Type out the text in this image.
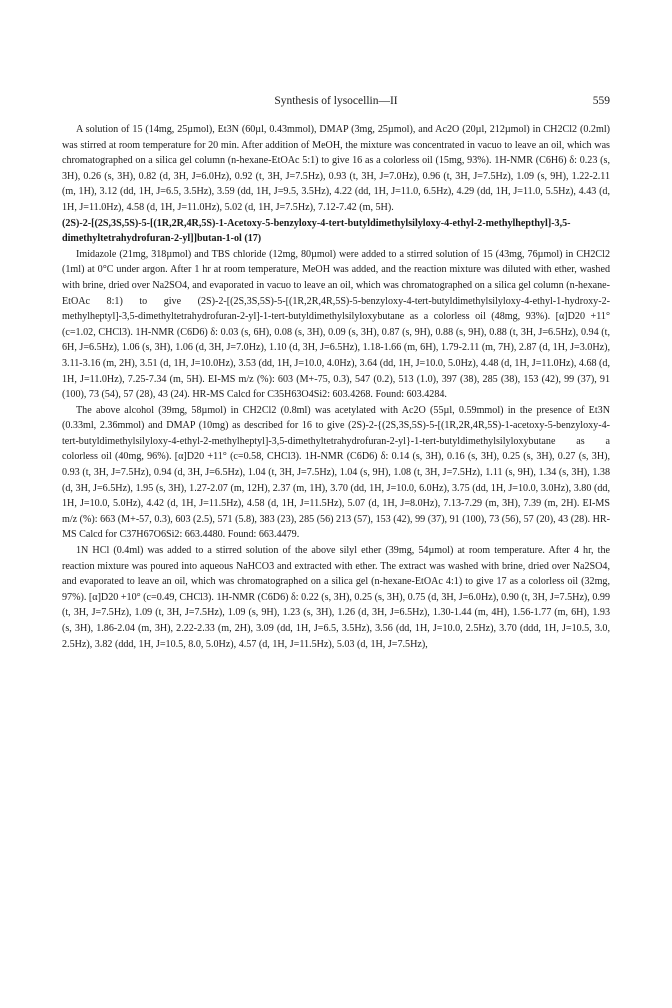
Synthesis of lysocellin—II	559

A solution of 15 (14mg, 25µmol), Et3N (60µl, 0.43mmol), DMAP (3mg, 25µmol), and Ac2O (20µl, 212µmol) in CH2Cl2 (0.2ml) was stirred at room temperature for 20 min. After addition of MeOH, the mixture was concentrated in vacuo to leave an oil, which was chromatographed on a silica gel column (n-hexane-EtOAc 5:1) to give 16 as a colorless oil (15mg, 93%). 1H-NMR (C6H6) δ: 0.23 (s, 3H), 0.26 (s, 3H), 0.82 (d, 3H, J=6.0Hz), 0.92 (t, 3H, J=7.5Hz), 0.93 (t, 3H, J=7.0Hz), 0.96 (t, 3H, J=7.5Hz), 1.09 (s, 9H), 1.22-2.11 (m, 1H), 3.12 (dd, 1H, J=6.5, 3.5Hz), 3.59 (dd, 1H, J=9.5, 3.5Hz), 4.22 (dd, 1H, J=11.0, 6.5Hz), 4.29 (dd, 1H, J=11.0, 5.5Hz), 4.43 (d, 1H, J=11.0Hz), 4.58 (d, 1H, J=11.0Hz), 5.02 (d, 1H, J=7.5Hz), 7.12-7.42 (m, 5H).

(2S)-2-[(2S,3S,5S)-5-[(1R,2R,4R,5S)-1-Acetoxy-5-benzyloxy-4-tert-butyldimethylsilyloxy-4-ethyl-2-methylhepthyl]-3,5-dimethyltetrahydrofuran-2-yl]]butan-1-ol (17)

Imidazole (21mg, 318µmol) and TBS chloride (12mg, 80µmol) were added to a stirred solution of 15 (43mg, 76µmol) in CH2Cl2 (1ml) at 0°C under argon. After 1 hr at room temperature, MeOH was added, and the reaction mixture was diluted with ether, washed with brine, dried over Na2SO4, and evaporated in vacuo to leave an oil, which was chromatographed on a silica gel column (n-hexane-EtOAc 8:1) to give (2S)-2-[(2S,3S,5S)-5-[(1R,2R,4R,5S)-5-benzyloxy-4-tert-butyldimethylsilyloxy-4-ethyl-1-hydroxy-2-methylheptyl]-3,5-dimethyltetrahydrofuran-2-yl]-1-tert-butyldimethylsilyloxybutane as a colorless oil (48mg, 93%). [α]D20 +11° (c=1.02, CHCl3). 1H-NMR (C6D6) δ: 0.03 (s, 6H), 0.08 (s, 3H), 0.09 (s, 3H), 0.87 (s, 9H), 0.88 (s, 9H), 0.88 (t, 3H, J=6.5Hz), 0.94 (t, 6H, J=6.5Hz), 1.06 (s, 3H), 1.06 (d, 3H, J=7.0Hz), 1.10 (d, 3H, J=6.5Hz), 1.18-1.66 (m, 6H), 1.79-2.11 (m, 7H), 2.87 (d, 1H, J=3.0Hz), 3.11-3.16 (m, 2H), 3.51 (d, 1H, J=10.0Hz), 3.53 (dd, 1H, J=10.0, 4.0Hz), 3.64 (dd, 1H, J=10.0, 5.0Hz), 4.48 (d, 1H, J=11.0Hz), 4.68 (d, 1H, J=11.0Hz), 7.25-7.34 (m, 5H). EI-MS m/z (%): 603 (M+-75, 0.3), 547 (0.2), 513 (1.0), 397 (38), 285 (38), 153 (42), 99 (37), 91 (100), 73 (54), 57 (28), 43 (24). HR-MS Calcd for C35H63O4Si2: 603.4268. Found: 603.4284.

The above alcohol (39mg, 58µmol) in CH2Cl2 (0.8ml) was acetylated with Ac2O (55µl, 0.59mmol) in the presence of Et3N (0.33ml, 2.36mmol) and DMAP (10mg) as described for 16 to give (2S)-2-{(2S,3S,5S)-5-[(1R,2R,4R,5S)-1-acetoxy-5-benzyloxy-4-tert-butyldimethylsilyloxy-4-ethyl-2-methylheptyl]-3,5-dimethyltetrahydrofuran-2-yl}-1-tert-butyldimethylsilyloxybutane as a colorless oil (40mg, 96%). [α]D20 +11° (c=0.58, CHCl3). 1H-NMR (C6D6) δ: 0.14 (s, 3H), 0.16 (s, 3H), 0.25 (s, 3H), 0.27 (s, 3H), 0.93 (t, 3H, J=7.5Hz), 0.94 (d, 3H, J=6.5Hz), 1.04 (t, 3H, J=7.5Hz), 1.04 (s, 9H), 1.08 (t, 3H, J=7.5Hz), 1.11 (s, 9H), 1.34 (s, 3H), 1.38 (d, 3H, J=6.5Hz), 1.95 (s, 3H), 1.27-2.07 (m, 12H), 2.37 (m, 1H), 3.70 (dd, 1H, J=10.0, 6.0Hz), 3.75 (dd, 1H, J=10.0, 3.0Hz), 3.80 (dd, 1H, J=10.0, 5.0Hz), 4.42 (d, 1H, J=11.5Hz), 4.58 (d, 1H, J=11.5Hz), 5.07 (d, 1H, J=8.0Hz), 7.13-7.29 (m, 3H), 7.39 (m, 2H). EI-MS m/z (%): 663 (M+-57, 0.3), 603 (2.5), 571 (5.8), 383 (23), 285 (56) 213 (57), 153 (42), 99 (37), 91 (100), 73 (56), 57 (20), 43 (28). HR-MS Calcd for C37H67O6Si2: 663.4480. Found: 663.4479.

1N HCl (0.4ml) was added to a stirred solution of the above silyl ether (39mg, 54µmol) at room temperature. After 4 hr, the reaction mixture was poured into aqueous NaHCO3 and extracted with ether. The extract was washed with brine, dried over Na2SO4, and evaporated to leave an oil, which was chromatographed on a silica gel (n-hexane-EtOAc 4:1) to give 17 as a colorless oil (32mg, 97%). [α]D20 +10° (c=0.49, CHCl3). 1H-NMR (C6D6) δ: 0.22 (s, 3H), 0.25 (s, 3H), 0.75 (d, 3H, J=6.0Hz), 0.90 (t, 3H, J=7.5Hz), 0.99 (t, 3H, J=7.5Hz), 1.09 (t, 3H, J=7.5Hz), 1.09 (s, 9H), 1.23 (s, 3H), 1.26 (d, 3H, J=6.5Hz), 1.30-1.44 (m, 4H), 1.56-1.77 (m, 6H), 1.93 (s, 3H), 1.86-2.04 (m, 3H), 2.22-2.33 (m, 2H), 3.09 (dd, 1H, J=6.5, 3.5Hz), 3.56 (dd, 1H, J=10.0, 2.5Hz), 3.70 (ddd, 1H, J=10.5, 3.0, 2.5Hz), 3.82 (ddd, 1H, J=10.5, 8.0, 5.0Hz), 4.57 (d, 1H, J=11.5Hz), 5.03 (d, 1H, J=7.5Hz),
